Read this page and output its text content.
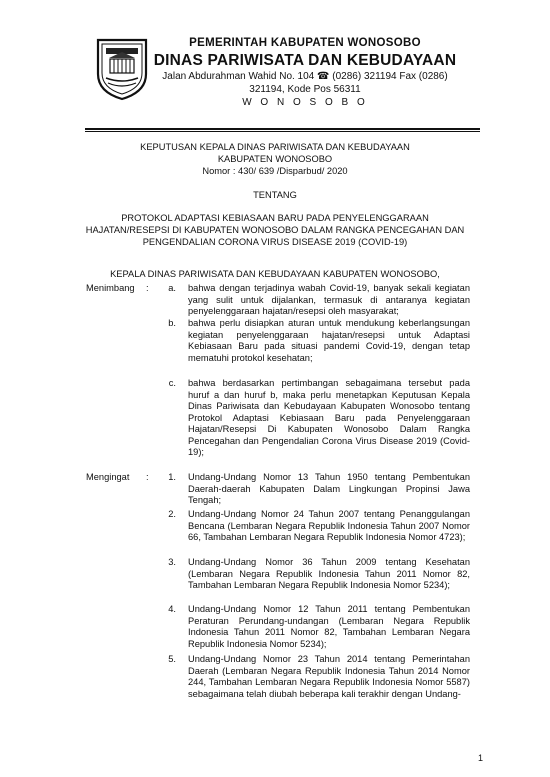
PEMERINTAH KABUPATEN WONOSOBO
DINAS PARIWISATA DAN KEBUDAYAAN
Jalan Abdurahman Wahid No. 104 ☎ (0286) 321194 Fax (0286)
321194, Kode Pos 56311
W O N O S O B O
KEPUTUSAN KEPALA DINAS PARIWISATA DAN KEBUDAYAAN
KABUPATEN WONOSOBO
Nomor : 430/ 639 /Disparbud/ 2020
TENTANG
PROTOKOL ADAPTASI KEBIASAAN BARU PADA PENYELENGGARAAN
HAJATAN/RESEPSI DI KABUPATEN WONOSOBO DALAM RANGKA PENCEGAHAN DAN
PENGENDALIAN CORONA VIRUS DISEASE 2019 (COVID-19)
KEPALA DINAS PARIWISATA DAN KEBUDAYAAN KABUPATEN WONOSOBO,
Menimbang :	a. bahwa dengan terjadinya wabah Covid-19, banyak sekali kegiatan yang sulit untuk dijalankan, termasuk di antaranya kegiatan penyelenggaraan hajatan/resepsi oleh masyarakat;
b. bahwa perlu disiapkan aturan untuk mendukung keberlangsungan kegiatan penyelenggaraan hajatan/resepsi untuk Adaptasi Kebiasaan Baru pada situasi pandemi Covid-19, dengan tetap mematuhi protokol kesehatan;
c. bahwa berdasarkan pertimbangan sebagaimana tersebut pada huruf a dan huruf b, maka perlu menetapkan Keputusan Kepala Dinas Pariwisata dan Kebudayaan Kabupaten Wonosobo tentang Protokol Adaptasi Kebiasaan Baru pada Penyelenggaraan Hajatan/Resepsi Di Kabupaten Wonosobo Dalam Rangka Pencegahan dan Pengendalian Corona Virus Disease 2019 (Covid-19);
Mengingat :	1. Undang-Undang Nomor 13 Tahun 1950 tentang Pembentukan Daerah-daerah Kabupaten Dalam Lingkungan Propinsi Jawa Tengah;
2. Undang-Undang Nomor 24 Tahun 2007 tentang Penanggulangan Bencana (Lembaran Negara Republik Indonesia Tahun 2007 Nomor 66, Tambahan Lembaran Negara Republik Indonesia Nomor 4723);
3. Undang-Undang Nomor 36 Tahun 2009 tentang Kesehatan (Lembaran Negara Republik Indonesia Tahun 2011 Nomor 82, Tambahan Lembaran Negara Republik Indonesia Nomor 5234);
4. Undang-Undang Nomor 12 Tahun 2011 tentang Pembentukan Peraturan Perundang-undangan (Lembaran Negara Republik Indonesia Tahun 2011 Nomor 82, Tambahan Lembaran Negara Republik Indonesia Nomor 5234);
5. Undang-Undang Nomor 23 Tahun 2014 tentang Pemerintahan Daerah (Lembaran Negara Republik Indonesia Tahun 2014 Nomor 244, Tambahan Lembaran Negara Republik Indonesia Nomor 5587) sebagaimana telah diubah beberapa kali terakhir dengan Undang-
1
